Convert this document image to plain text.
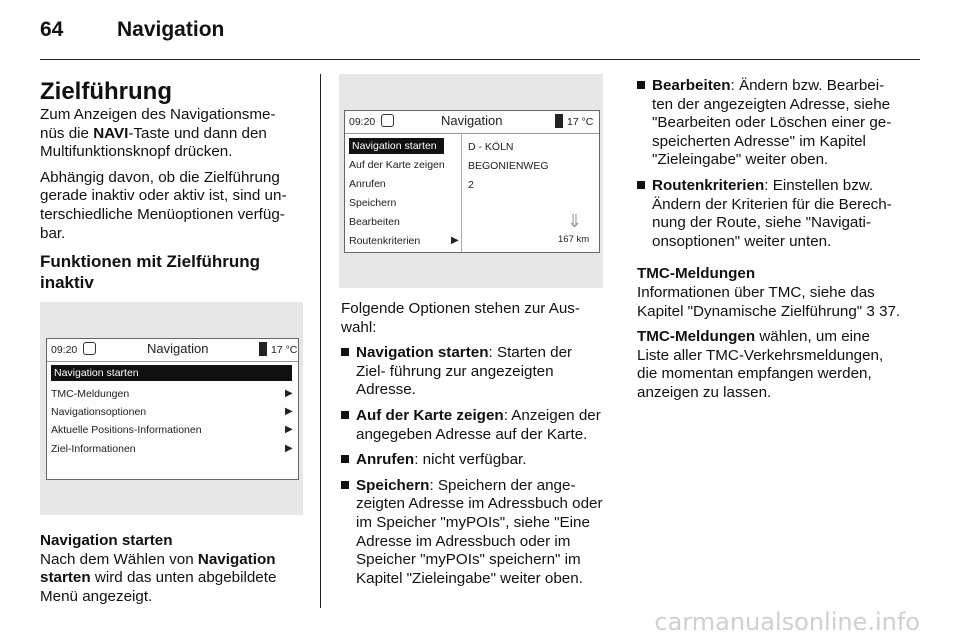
64	Navigation
Zielführung

Zum Anzeigen des Navigationsme- nüs die NAVI-Taste und dann den Multifunktionsknopf drücken.

Abhängig davon, ob die Zielführung gerade inaktiv oder aktiv ist, sind un- terschiedliche Menüoptionen verfüg- bar.

Funktionen mit Zielführung inaktiv
09:20	Navigation	17 °C
Navigation starten
TMC-Meldungen
Navigationsoptionen
Aktuelle Positions-Informationen
Ziel-Informationen
▶
▶
▶
▶
Navigation starten

Nach dem Wählen von Navigation starten wird das unten abgebildete Menü angezeigt.

09:20	Navigation	17 °C
Navigation starten
Auf der Karte zeigen
Anrufen
Speichern
Bearbeiten
Routenkriterien	▶
D - KÖLN
BEGONIENWEG
2
⇓
167 km

Folgende Optionen stehen zur Aus- wahl:

Navigation starten: Starten der Ziel- führung zur angezeigten Adresse.
Auf der Karte zeigen: Anzeigen der angegeben Adresse auf der Karte.
Anrufen: nicht verfügbar.
Speichern: Speichern der ange- zeigten Adresse im Adressbuch oder im Speicher "myPOIs", siehe "Eine Adresse im Adressbuch oder im Speicher "myPOIs" speichern" im Kapitel "Zieleingabe" weiter oben.
Bearbeiten: Ändern bzw. Bearbei- ten der angezeigten Adresse, siehe "Bearbeiten oder Löschen einer ge- speicherten Adresse" im Kapitel "Zieleingabe" weiter oben.
Routenkriterien: Einstellen bzw. Ändern der Kriterien für die Berech- nung der Route, siehe "Navigati- onsoptionen" weiter unten.
TMC-Meldungen

Informationen über TMC, siehe das Kapitel "Dynamische Zielführung" 3 37.

TMC-Meldungen wählen, um eine Liste aller TMC-Verkehrsmeldungen, die momentan empfangen werden, anzeigen zu lassen.

carmanualsonline.info
